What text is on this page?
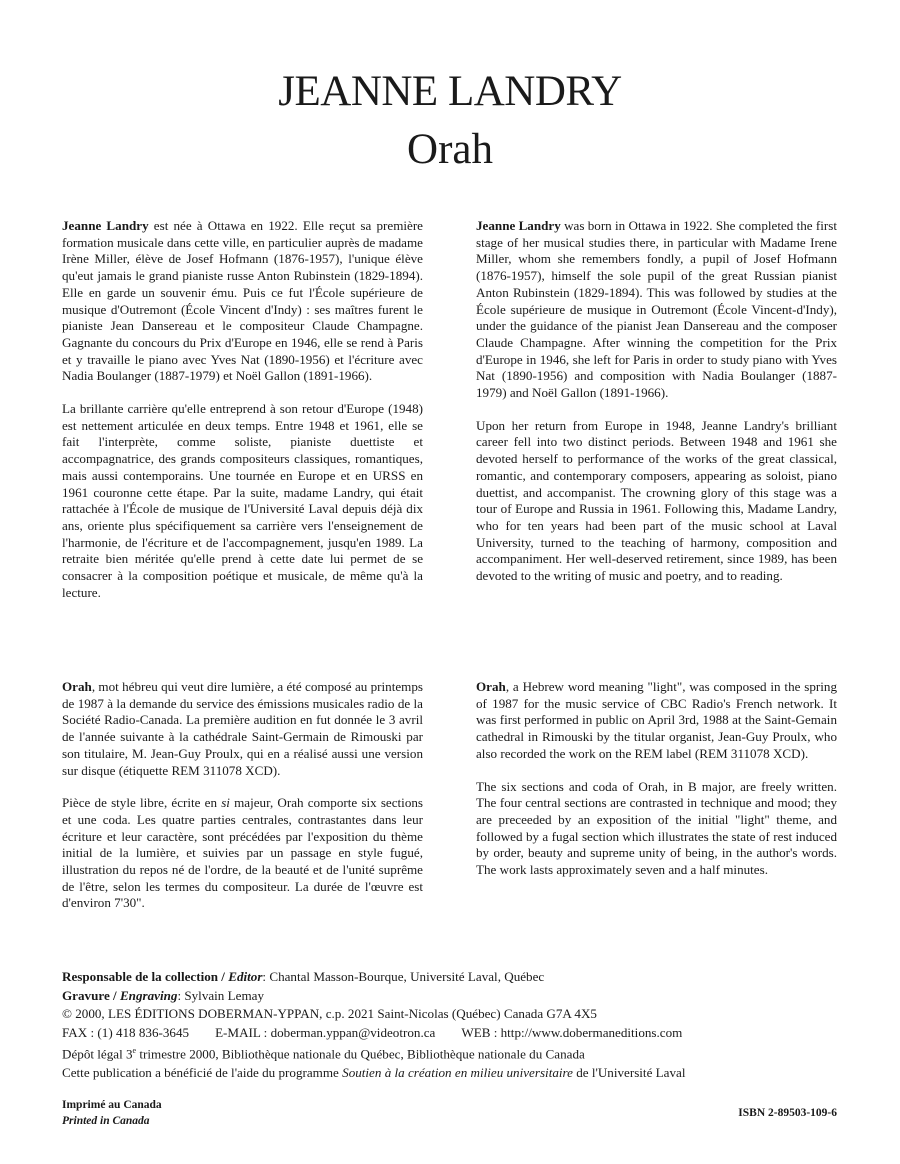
JEANNE LANDRY
Orah

Jeanne Landry est née à Ottawa en 1922. Elle reçut sa première formation musicale dans cette ville, en particulier auprès de madame Irène Miller, élève de Josef Hofmann (1876-1957), l'unique élève qu'eut jamais le grand pianiste russe Anton Rubinstein (1829-1894). Elle en garde un souvenir ému. Puis ce fut l'École supérieure de musique d'Outremont (École Vincent d'Indy) : ses maîtres furent le pianiste Jean Dansereau et le compositeur Claude Champagne. Gagnante du concours du Prix d'Europe en 1946, elle se rend à Paris et y travaille le piano avec Yves Nat (1890-1956) et l'écriture avec Nadia Boulanger (1887-1979) et Noël Gallon (1891-1966).

La brillante carrière qu'elle entreprend à son retour d'Europe (1948) est nettement articulée en deux temps. Entre 1948 et 1961, elle se fait l'interprète, comme soliste, pianiste duettiste et accompagnatrice, des grands compositeurs classiques, romantiques, mais aussi contemporains. Une tournée en Europe et en URSS en 1961 couronne cette étape. Par la suite, madame Landry, qui était rattachée à l'École de musique de l'Université Laval depuis déjà dix ans, oriente plus spécifiquement sa carrière vers l'enseignement de l'harmonie, de l'écriture et de l'accompagnement, jusqu'en 1989. La retraite bien méritée qu'elle prend à cette date lui permet de se consacrer à la composition poétique et musicale, de même qu'à la lecture.

Jeanne Landry was born in Ottawa in 1922. She completed the first stage of her musical studies there, in particular with Madame Irene Miller, whom she remembers fondly, a pupil of Josef Hofmann (1876-1957), himself the sole pupil of the great Russian pianist Anton Rubinstein (1829-1894). This was followed by studies at the École supérieure de musique in Outremont (École Vincent-d'Indy), under the guidance of the pianist Jean Dansereau and the composer Claude Champagne. After winning the competition for the Prix d'Europe in 1946, she left for Paris in order to study piano with Yves Nat (1890-1956) and composition with Nadia Boulanger (1887-1979) and Noël Gallon (1891-1966).

Upon her return from Europe in 1948, Jeanne Landry's brilliant career fell into two distinct periods. Between 1948 and 1961 she devoted herself to performance of the works of the great classical, romantic, and contemporary composers, appearing as soloist, piano duettist, and accompanist. The crowning glory of this stage was a tour of Europe and Russia in 1961. Following this, Madame Landry, who for ten years had been part of the music school at Laval University, turned to the teaching of harmony, composition and accompaniment. Her well-deserved retirement, since 1989, has been devoted to the writing of music and poetry, and to reading.

Orah, mot hébreu qui veut dire lumière, a été composé au printemps de 1987 à la demande du service des émissions musicales radio de la Société Radio-Canada. La première audition en fut donnée le 3 avril de l'année suivante à la cathédrale Saint-Germain de Rimouski par son titulaire, M. Jean-Guy Proulx, qui en a réalisé aussi une version sur disque (étiquette REM 311078 XCD).

Pièce de style libre, écrite en si majeur, Orah comporte six sections et une coda. Les quatre parties centrales, contrastantes dans leur écriture et leur caractère, sont précédées par l'exposition du thème initial de la lumière, et suivies par un passage en style fugué, illustration du repos né de l'ordre, de la beauté et de l'unité suprême de l'être, selon les termes du compositeur. La durée de l'œuvre est d'environ 7'30".

Orah, a Hebrew word meaning "light", was composed in the spring of 1987 for the music service of CBC Radio's French network. It was first performed in public on April 3rd, 1988 at the Saint-Gemain cathedral in Rimouski by the titular organist, Jean-Guy Proulx, who also recorded the work on the REM label (REM 311078 XCD).

The six sections and coda of Orah, in B major, are freely written. The four central sections are contrasted in technique and mood; they are preceeded by an exposition of the initial "light" theme, and followed by a fugal section which illustrates the state of rest induced by order, beauty and supreme unity of being, in the author's words. The work lasts approximately seven and a half minutes.

Responsable de la collection / Editor: Chantal Masson-Bourque, Université Laval, Québec
Gravure / Engraving: Sylvain Lemay
© 2000, LES ÉDITIONS DOBERMAN-YPPAN, c.p. 2021 Saint-Nicolas (Québec) Canada G7A 4X5
FAX : (1) 418 836-3645 E-MAIL : doberman.yppan@videotron.ca WEB : http://www.dobermaneditions.com
Dépôt légal 3e trimestre 2000, Bibliothèque nationale du Québec, Bibliothèque nationale du Canada
Cette publication a bénéficié de l'aide du programme Soutien à la création en milieu universitaire de l'Université Laval
Imprimé au Canada
Printed in Canada
ISBN 2-89503-109-6
